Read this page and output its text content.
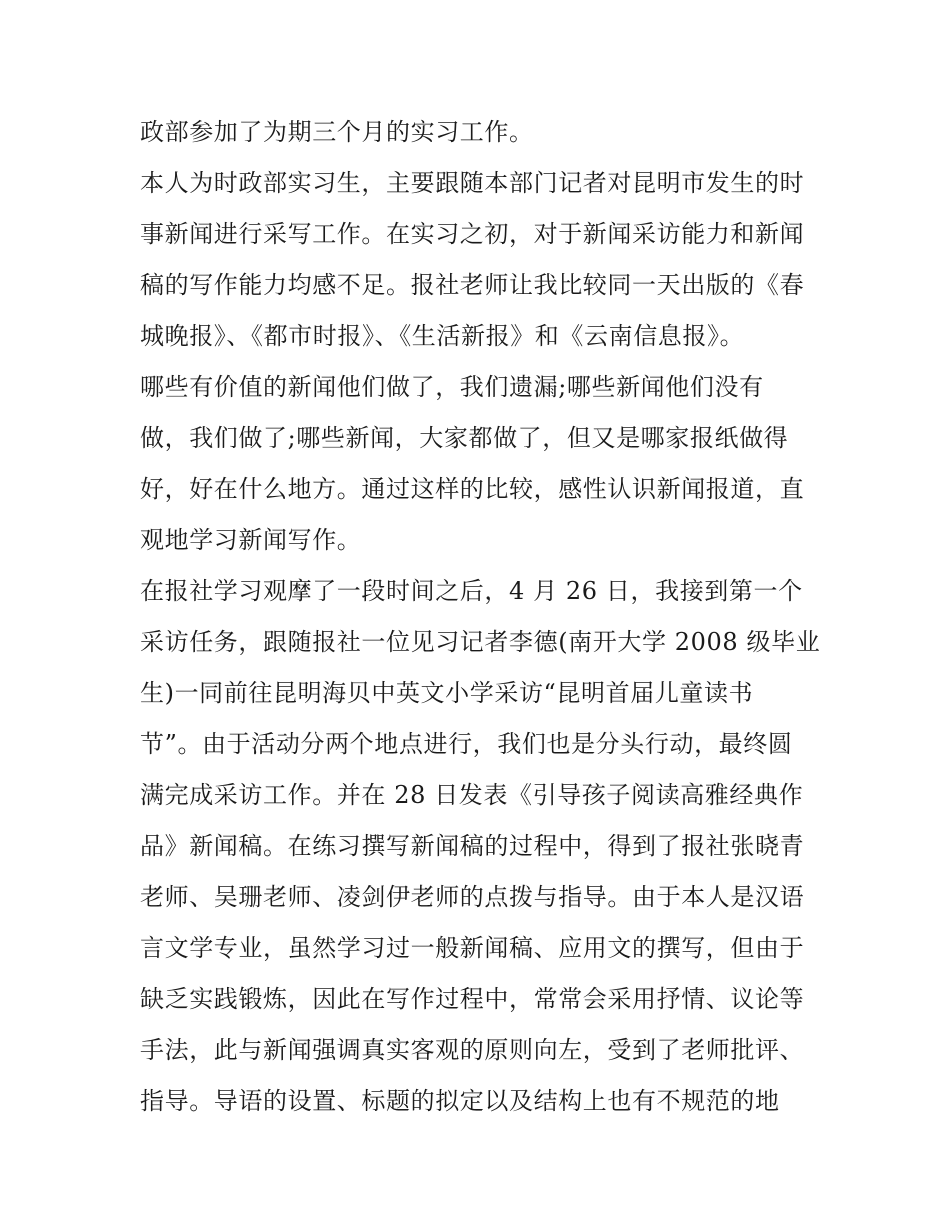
政部参加了为期三个月的实习工作。
本人为时政部实习生，主要跟随本部门记者对昆明市发生的时
事新闻进行采写工作。在实习之初，对于新闻采访能力和新闻
稿的写作能力均感不足。报社老师让我比较同一天出版的《春
城晚报》、《都市时报》、《生活新报》和《云南信息报》。
哪些有价值的新闻他们做了，我们遗漏;哪些新闻他们没有
做，我们做了;哪些新闻，大家都做了，但又是哪家报纸做得
好，好在什么地方。通过这样的比较，感性认识新闻报道，直
观地学习新闻写作。
在报社学习观摩了一段时间之后，4 月 26 日，我接到第一个
采访任务，跟随报社一位见习记者李德(南开大学 2008 级毕业
生)一同前往昆明海贝中英文小学采访“昆明首届儿童读书
节”。由于活动分两个地点进行，我们也是分头行动，最终圆
满完成采访工作。并在 28 日发表《引导孩子阅读高雅经典作
品》新闻稿。在练习撰写新闻稿的过程中，得到了报社张晓青
老师、吴珊老师、凌剑伊老师的点拨与指导。由于本人是汉语
言文学专业，虽然学习过一般新闻稿、应用文的撰写，但由于
缺乏实践锻炼，因此在写作过程中，常常会采用抒情、议论等
手法，此与新闻强调真实客观的原则向左，受到了老师批评、
指导。导语的设置、标题的拟定以及结构上也有不规范的地
